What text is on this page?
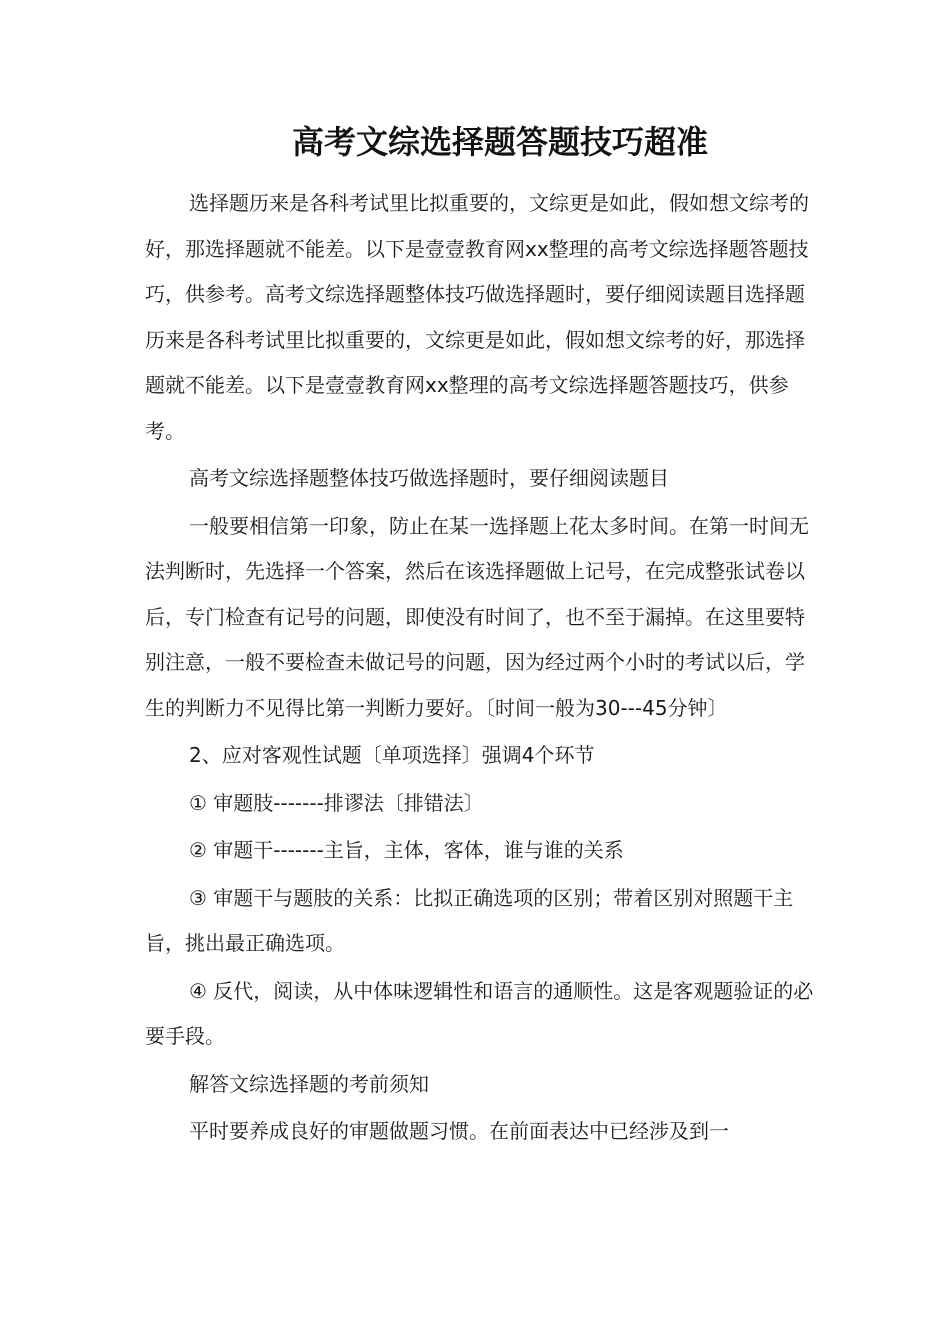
高考文综选择题答题技巧超准

选择题历来是各科考试里比拟重要的，文综更是如此，假如想文综考的好，那选择题就不能差。以下是壹壹教育网xx整理的高考文综选择题答题技巧，供参考。高考文综选择题整体技巧做选择题时，要仔细阅读题目选择题历来是各科考试里比拟重要的，文综更是如此，假如想文综考的好，那选择题就不能差。以下是壹壹教育网xx整理的高考文综选择题答题技巧，供参考。

高考文综选择题整体技巧做选择题时，要仔细阅读题目

一般要相信第一印象，防止在某一选择题上花太多时间。在第一时间无法判断时，先选择一个答案，然后在该选择题做上记号，在完成整张试卷以后，专门检查有记号的问题，即使没有时间了，也不至于漏掉。在这里要特别注意，一般不要检查未做记号的问题，因为经过两个小时的考试以后，学生的判断力不见得比第一判断力要好。〔时间一般为30---45分钟〕

2、应对客观性试题〔单项选择〕强调4个环节

① 审题肢-------排谬法〔排错法〕

② 审题干-------主旨，主体，客体，谁与谁的关系

③ 审题干与题肢的关系：比拟正确选项的区别；带着区别对照题干主旨，挑出最正确选项。

④ 反代，阅读，从中体味逻辑性和语言的通顺性。这是客观题验证的必要手段。

解答文综选择题的考前须知

平时要养成良好的审题做题习惯。在前面表达中已经涉及到一
